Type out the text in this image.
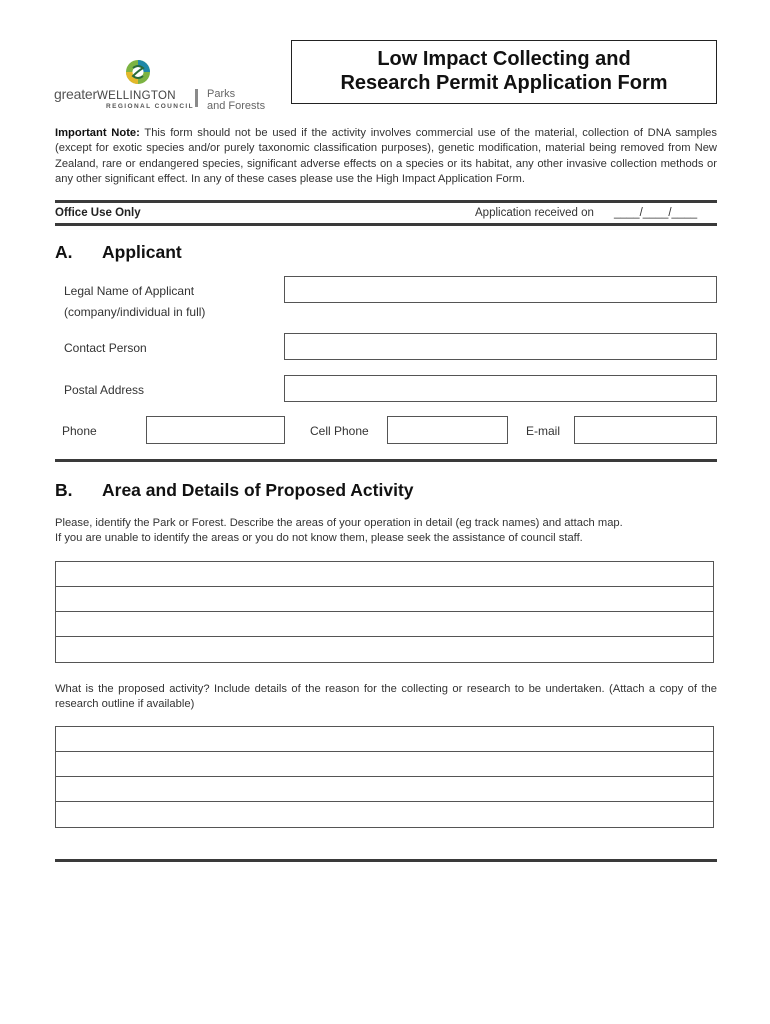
greaterWELLINGTON
REGIONAL COUNCIL
Parks
and Forests
Low Impact Collecting and
Research Permit Application Form
Important Note: This form should not be used if the activity involves commercial use of the material, collection of DNA samples (except for exotic species and/or purely taxonomic classification purposes), genetic modification, material being removed from New Zealand, rare or endangered species, significant adverse effects on a species or its habitat, any other invasive collection methods or any other significant effect. In any of these cases please use the High Impact Application Form.
Office Use Only	Application received on ____/____/____
A. Applicant
Legal Name of Applicant
(company/individual in full)
Contact Person
Postal Address
Phone	Cell Phone	E-mail
B. Area and Details of Proposed Activity
Please, identify the Park or Forest. Describe the areas of your operation in detail (eg track names) and attach map.
If you are unable to identify the areas or you do not know them, please seek the assistance of council staff.
What is the proposed activity? Include details of the reason for the collecting or research to be undertaken. (Attach a copy of the research outline if available)
